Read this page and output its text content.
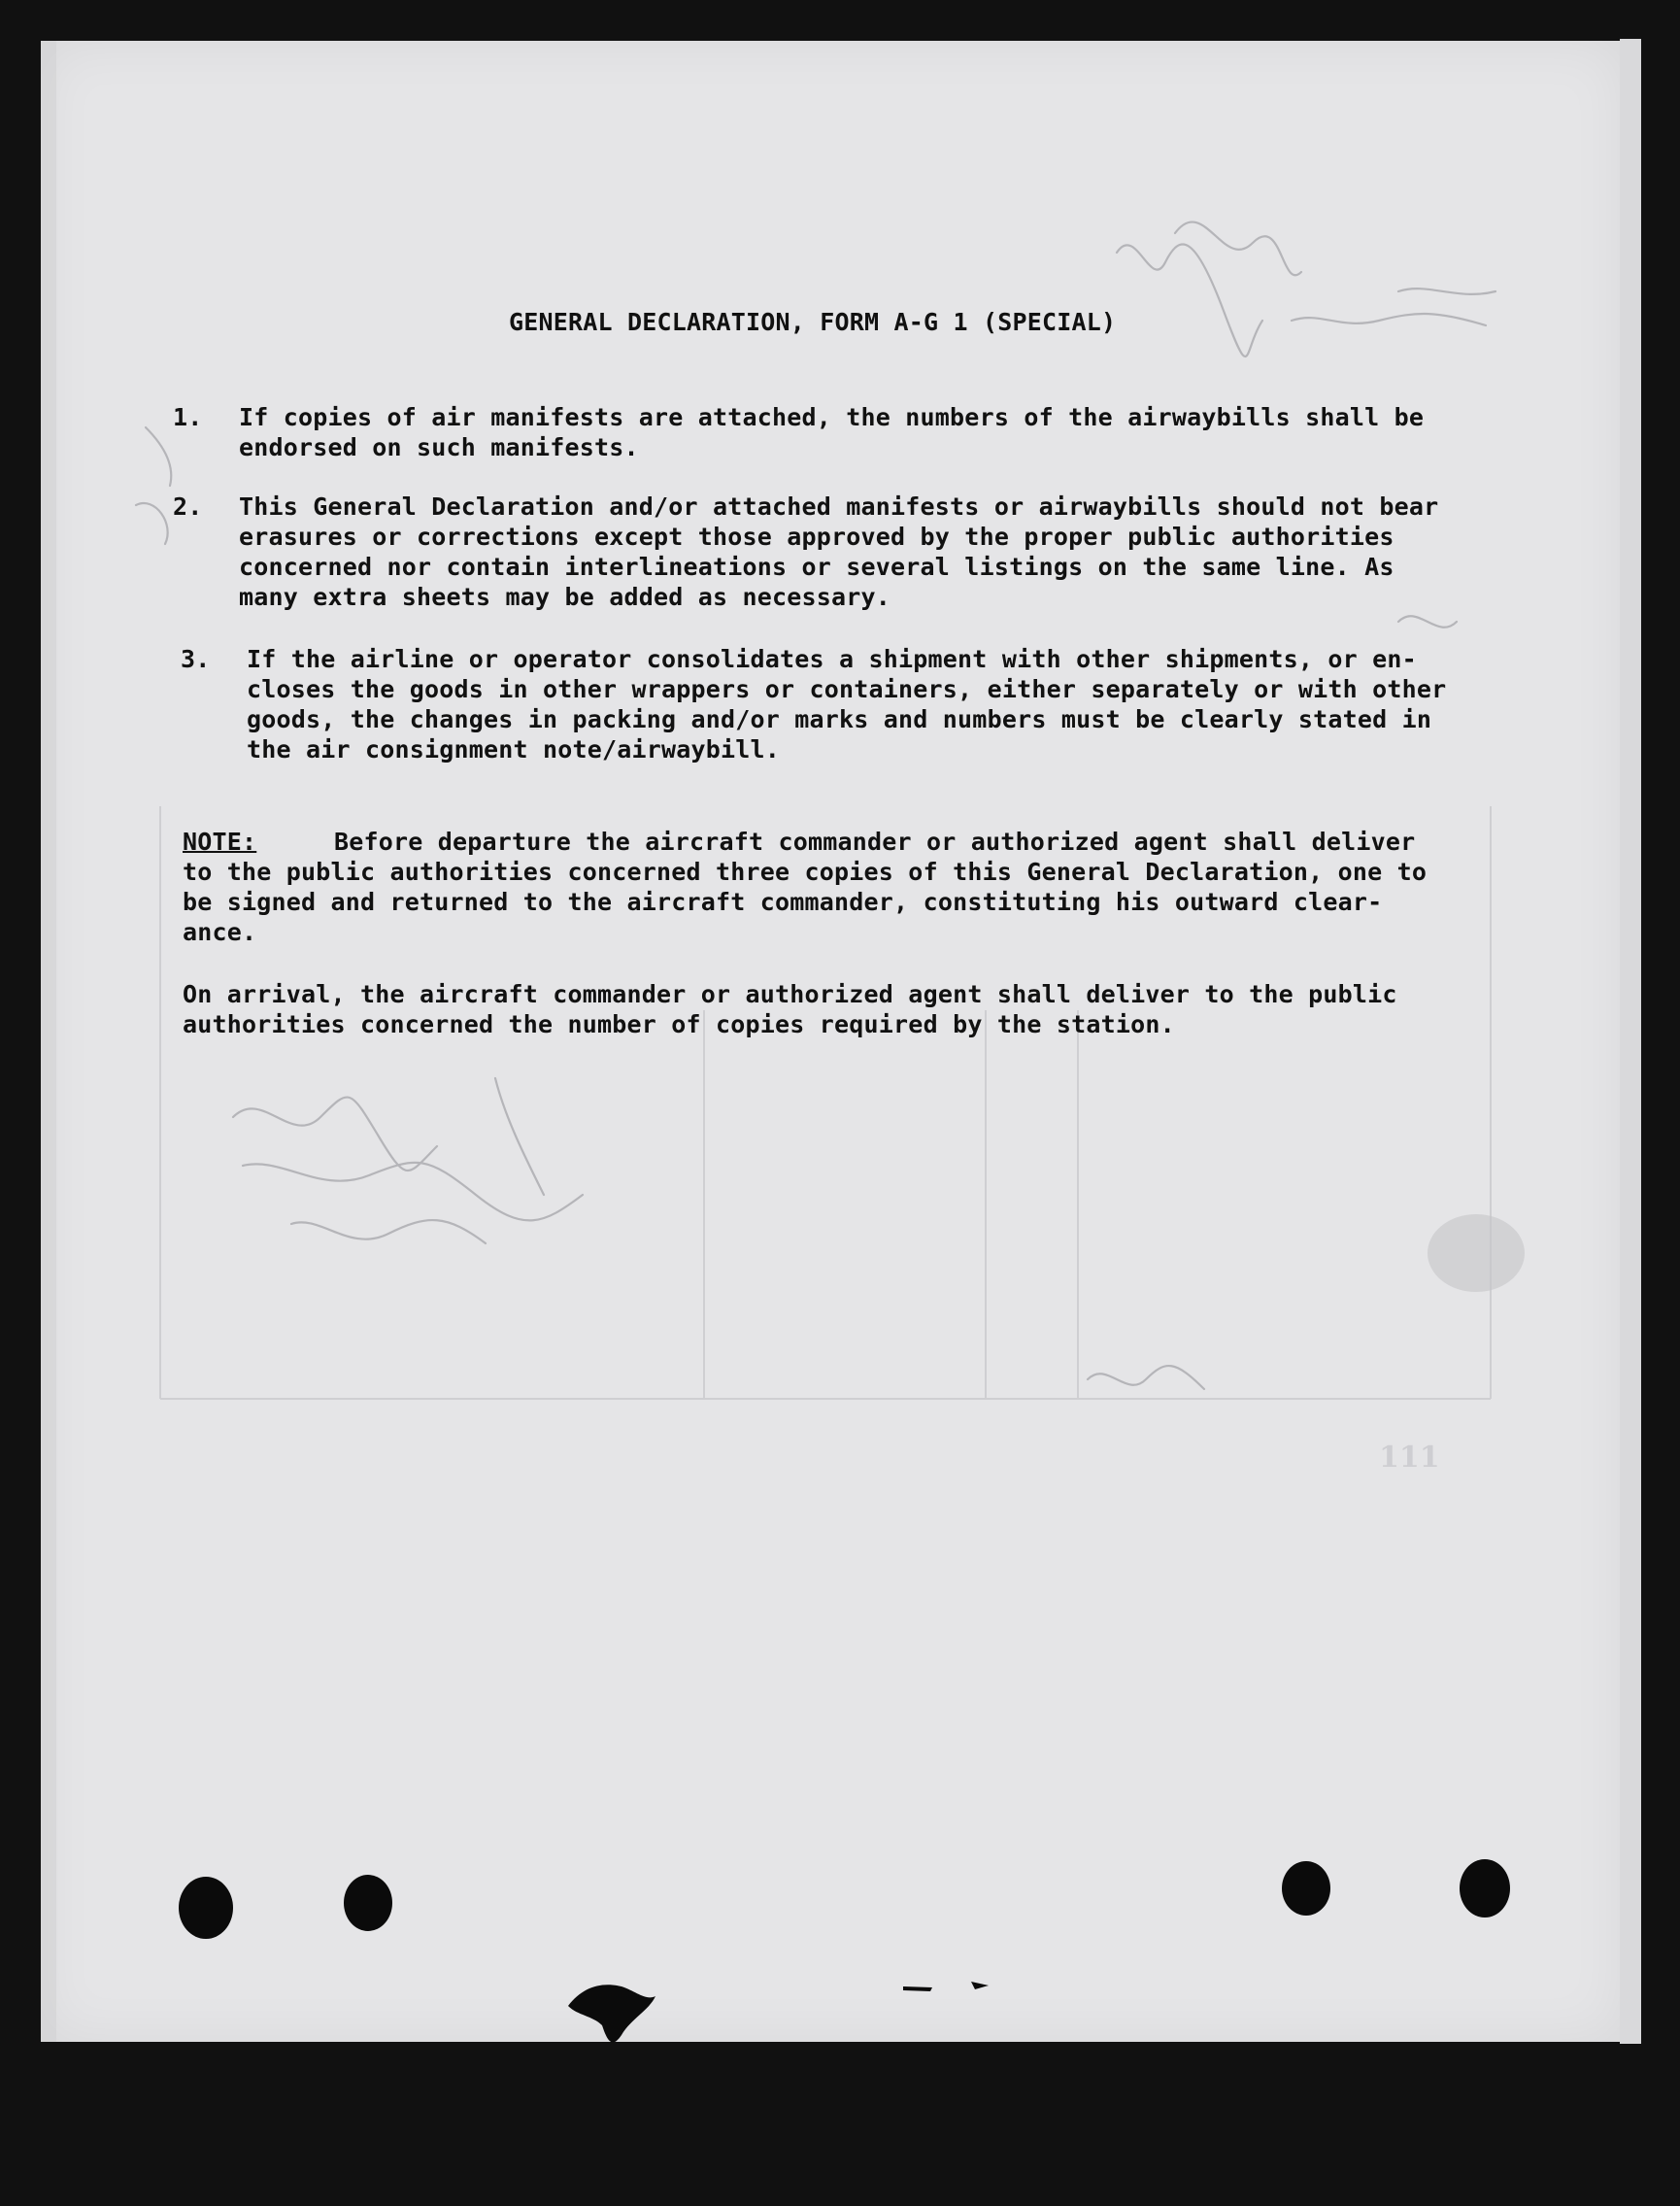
111
GENERAL DECLARATION, FORM A-G 1 (SPECIAL)
1. If copies of air manifests are attached, the numbers of the airwaybills shall be
endorsed on such manifests.
2. This General Declaration and/or attached manifests or airwaybills should not bear
erasures or corrections except those approved by the proper public authorities
concerned nor contain interlineations or several listings on the same line. As
many extra sheets may be added as necessary.
3. If the airline or operator consolidates a shipment with other shipments, or en-
closes the goods in other wrappers or containers, either separately or with other
goods, the changes in packing and/or marks and numbers must be clearly stated in
the air consignment note/airwaybill.
NOTE:	Before departure the aircraft commander or authorized agent shall deliver
to the public authorities concerned three copies of this General Declaration, one to
be signed and returned to the aircraft commander, constituting his outward clear-
ance.
On arrival, the aircraft commander or authorized agent shall deliver to the public
authorities concerned the number of copies required by the station.
